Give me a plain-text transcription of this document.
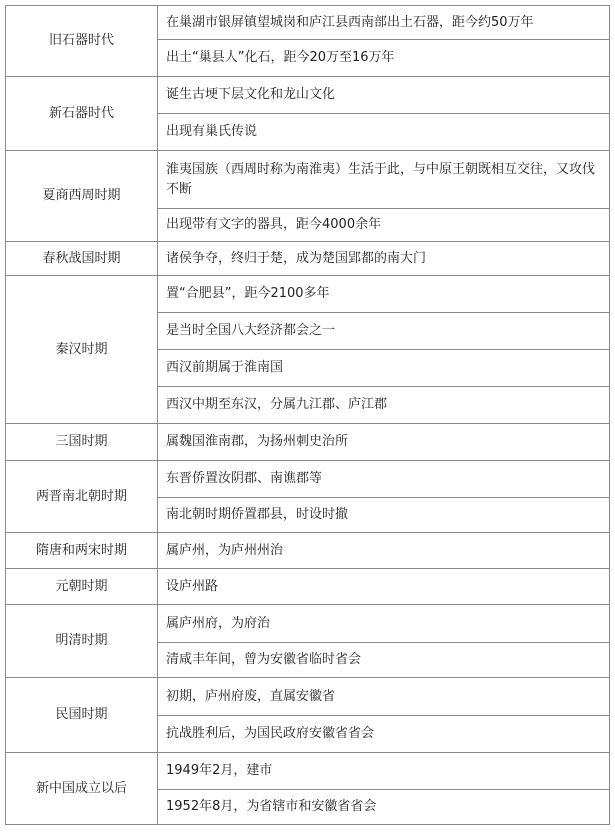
旧石器时代	在巢湖市银屏镇望城岗和庐江县西南部出土石器，距今约50万年
	出土“巢县人”化石，距今20万至16万年
新石器时代	诞生古埂下层文化和龙山文化
	出现有巢氏传说
夏商西周时期	淮夷国族（西周时称为南淮夷）生活于此，与中原王朝既相互交往，又攻伐不断
	出现带有文字的器具，距今4000余年
春秋战国时期	诸侯争夺，终归于楚，成为楚国郢都的南大门
秦汉时期	置“合肥县”，距今2100多年
	是当时全国八大经济都会之一
	西汉前期属于淮南国
	西汉中期至东汉，分属九江郡、庐江郡
三国时期	属魏国淮南郡，为扬州刺史治所
两晋南北朝时期	东晋侨置汝阴郡、南谯郡等
	南北朝时期侨置郡县，时设时撤
隋唐和两宋时期	属庐州，为庐州州治
元朝时期	设庐州路
明清时期	属庐州府，为府治
	清咸丰年间，曾为安徽省临时省会
民国时期	初期，庐州府废，直属安徽省
	抗战胜利后，为国民政府安徽省省会
新中国成立以后	1949年2月，建市
	1952年8月，为省辖市和安徽省省会
